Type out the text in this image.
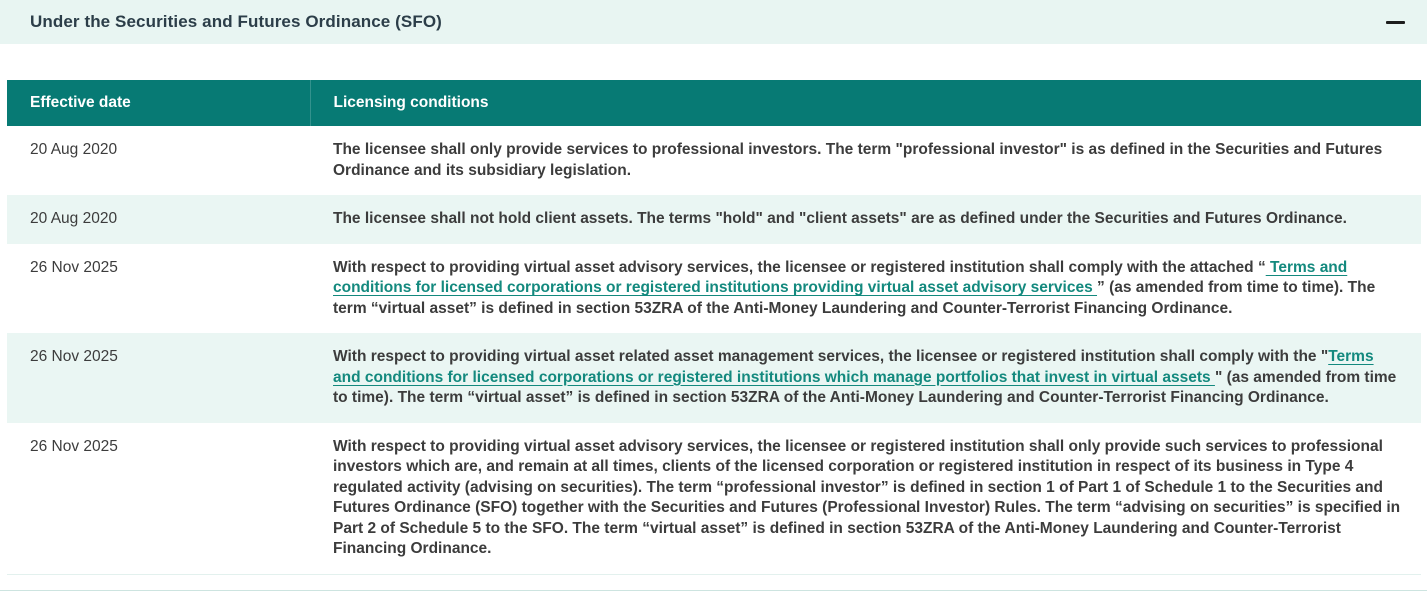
Under the Securities and Futures Ordinance (SFO)
Effective date	Licensing conditions
20 Aug 2020	The licensee shall only provide services to professional investors. The term "professional investor" is as defined in the Securities and Futures Ordinance and its subsidiary legislation.
20 Aug 2020	The licensee shall not hold client assets. The terms "hold" and "client assets" are as defined under the Securities and Futures Ordinance.
26 Nov 2025	With respect to providing virtual asset advisory services, the licensee or registered institution shall comply with the attached “ Terms and conditions for licensed corporations or registered institutions providing virtual asset advisory services ” (as amended from time to time). The term “virtual asset” is defined in section 53ZRA of the Anti-Money Laundering and Counter-Terrorist Financing Ordinance.
26 Nov 2025	With respect to providing virtual asset related asset management services, the licensee or registered institution shall comply with the "Terms and conditions for licensed corporations or registered institutions which manage portfolios that invest in virtual assets " (as amended from time to time). The term “virtual asset” is defined in section 53ZRA of the Anti-Money Laundering and Counter-Terrorist Financing Ordinance.
26 Nov 2025	With respect to providing virtual asset advisory services, the licensee or registered institution shall only provide such services to professional investors which are, and remain at all times, clients of the licensed corporation or registered institution in respect of its business in Type 4 regulated activity (advising on securities). The term “professional investor” is defined in section 1 of Part 1 of Schedule 1 to the Securities and Futures Ordinance (SFO) together with the Securities and Futures (Professional Investor) Rules. The term “advising on securities” is specified in Part 2 of Schedule 5 to the SFO. The term “virtual asset” is defined in section 53ZRA of the Anti-Money Laundering and Counter-Terrorist Financing Ordinance.
